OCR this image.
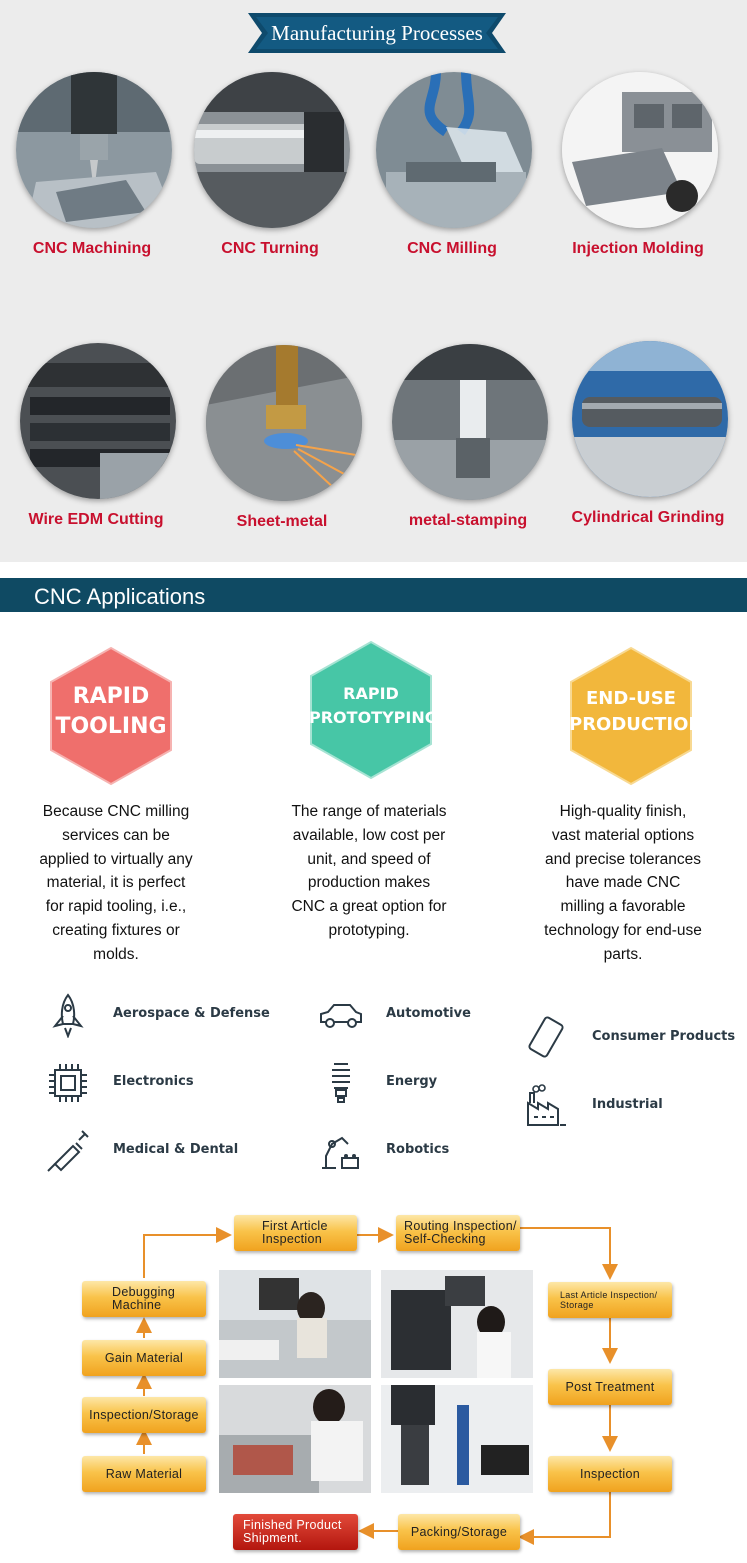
Manufacturing Processes
CNC Machining	CNC Turning	CNC Milling	Injection Molding
Wire EDM Cutting	Sheet-metal	metal-stamping	Cylindrical Grinding
CNC Applications
RAPID
TOOLING
RAPID
PROTOTYPING
END-USE
PRODUCTION
Because CNC milling
services can be
applied to virtually any
material, it is perfect
for rapid tooling, i.e.,
creating fixtures or
molds.
The range of materials
available, low cost per
unit, and speed of
production makes
CNC a great option for
prototyping.
High-quality finish,
vast material options
and precise tolerances
have made CNC
milling a favorable
technology for end-use
parts.
Aerospace & Defense
Electronics
Medical & Dental
Automotive
Energy
Robotics
Consumer Products
Industrial
First Article
Inspection
Routing Inspection/
Self-Checking
Last Article Inspection/
Storage
Post Treatment
Inspection
Packing/Storage
Finished Product
Shipment.
Raw Material
Inspection/Storage
Gain Material
Debugging
Machine
